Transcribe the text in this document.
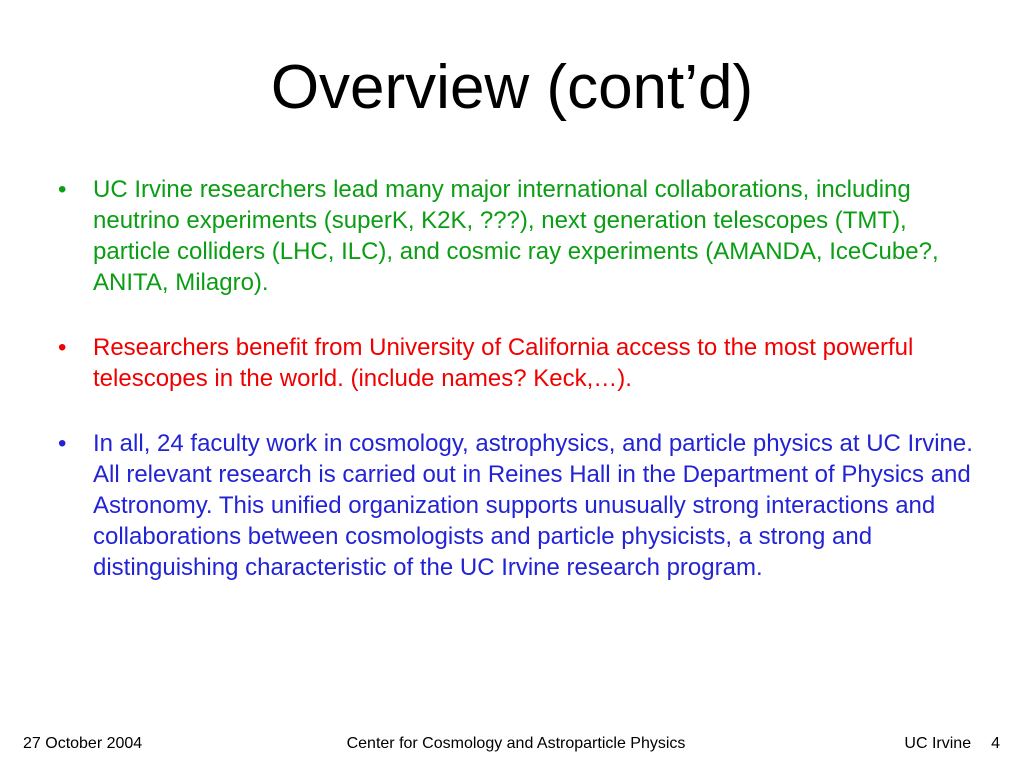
Overview (cont’d)
• UC Irvine researchers lead many major international collaborations, including neutrino experiments (superK, K2K, ???), next generation telescopes (TMT), particle colliders (LHC, ILC), and cosmic ray experiments (AMANDA, IceCube?, ANITA, Milagro).
• Researchers benefit from University of California access to the most powerful telescopes in the world. (include names? Keck,…).
• In all, 24 faculty work in cosmology, astrophysics, and particle physics at UC Irvine. All relevant research is carried out in Reines Hall in the Department of Physics and Astronomy. This unified organization supports unusually strong interactions and collaborations between cosmologists and particle physicists, a strong and distinguishing characteristic of the UC Irvine research program.
27 October 2004	Center for Cosmology and Astroparticle Physics	UC Irvine 4
